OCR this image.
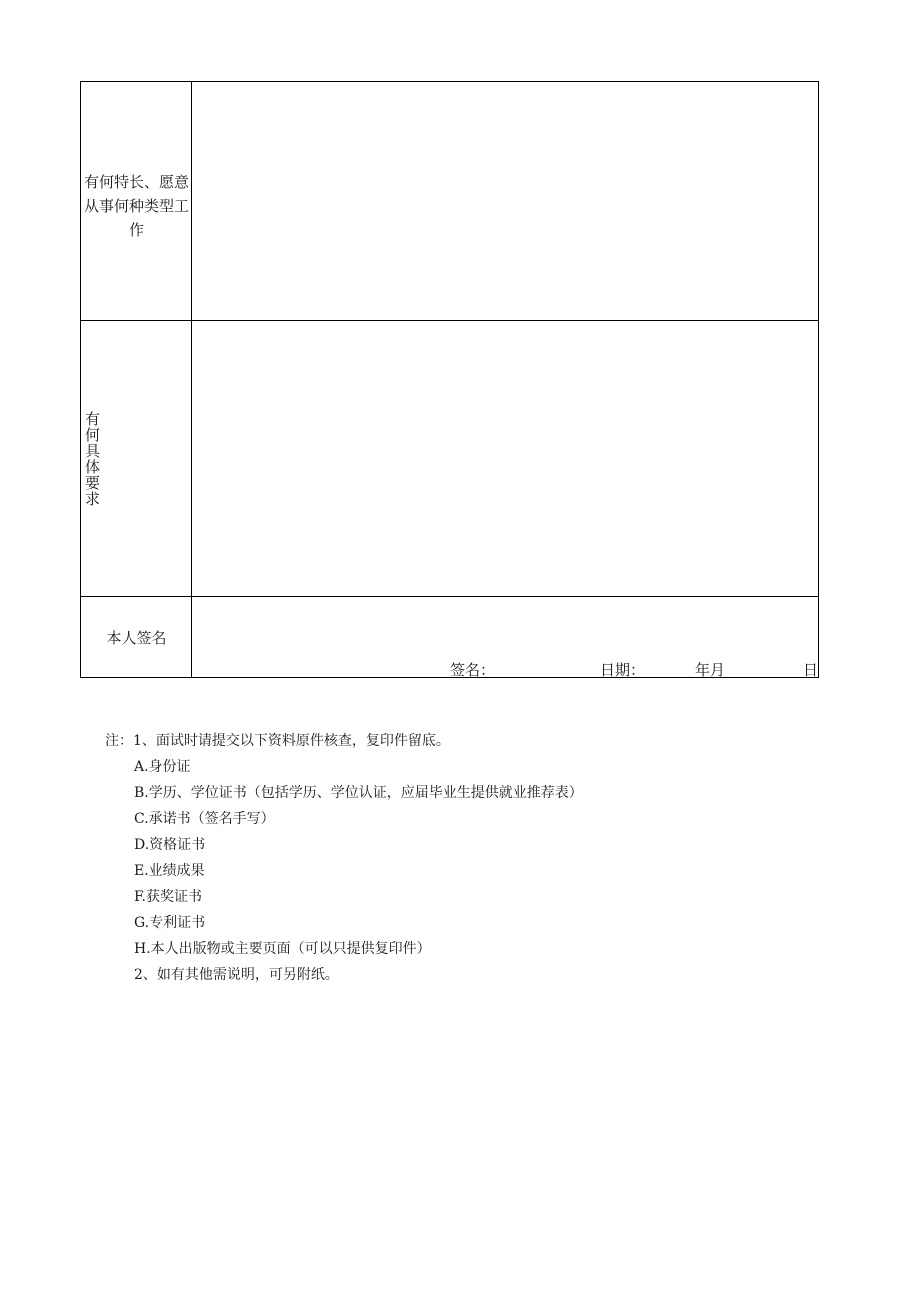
有何特长、愿意
从事何种类型工
作
有何具体要求
本人签名
签名：	日期：	年月	日
注：1、面试时请提交以下资料原件核查，复印件留底。
A.身份证
B.学历、学位证书（包括学历、学位认证，应届毕业生提供就业推荐表）
C.承诺书（签名手写）
D.资格证书
E.业绩成果
F.获奖证书
G.专利证书
H.本人出版物或主要页面（可以只提供复印件）
2、如有其他需说明，可另附纸。
